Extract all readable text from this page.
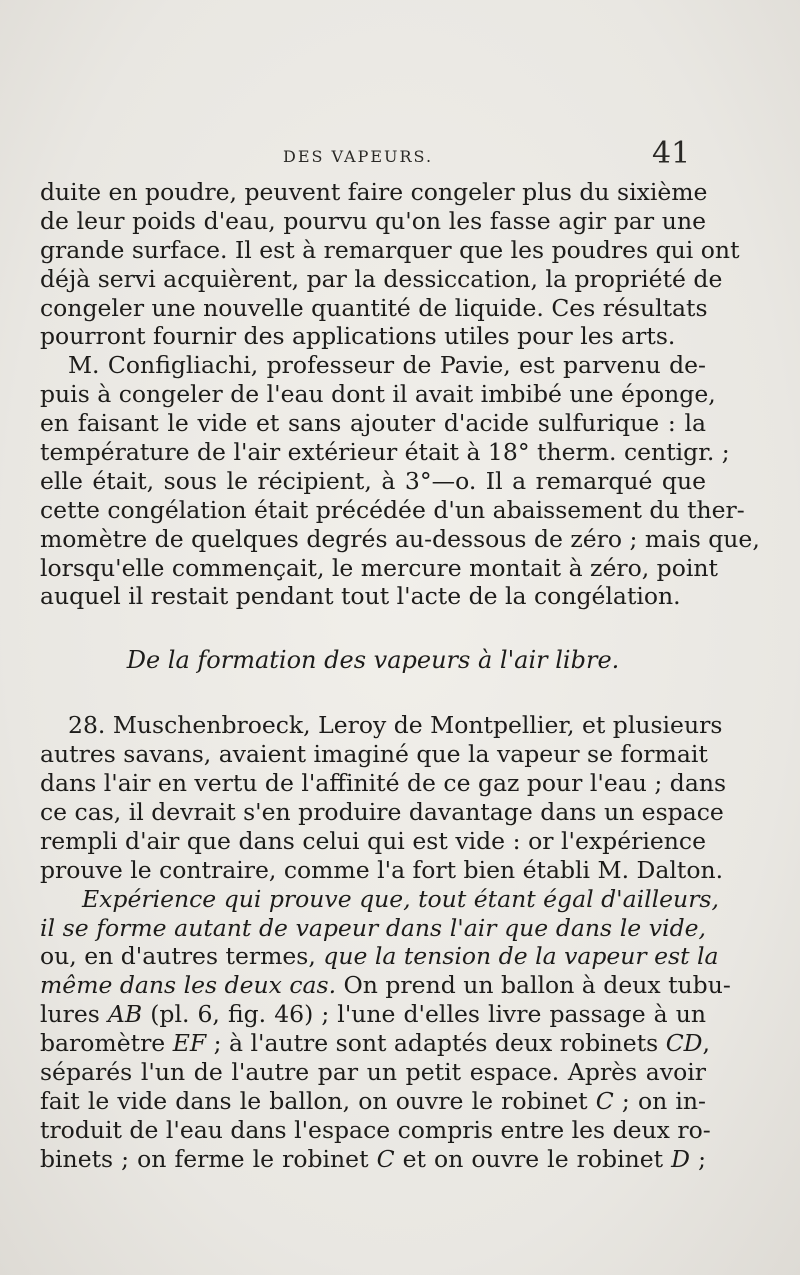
DES VAPEURS.	41
duite en poudre, peuvent faire congeler plus du sixième
de leur poids d'eau, pourvu qu'on les fasse agir par une
grande surface. Il est à remarquer que les poudres qui ont
déjà servi acquièrent, par la dessiccation, la propriété de
congeler une nouvelle quantité de liquide. Ces résultats
pourront fournir des applications utiles pour les arts.
M. Configliachi, professeur de Pavie, est parvenu de-
puis à congeler de l'eau dont il avait imbibé une éponge,
en faisant le vide et sans ajouter d'acide sulfurique : la
température de l'air extérieur était à 18° therm. centigr. ;
elle était, sous le récipient, à 3°—o. Il a remarqué que
cette congélation était précédée d'un abaissement du ther-
momètre de quelques degrés au-dessous de zéro ; mais que,
lorsqu'elle commençait, le mercure montait à zéro, point
auquel il restait pendant tout l'acte de la congélation.
De la formation des vapeurs à l'air libre.
28. Muschenbroeck, Leroy de Montpellier, et plusieurs
autres savans, avaient imaginé que la vapeur se formait
dans l'air en vertu de l'affinité de ce gaz pour l'eau ; dans
ce cas, il devrait s'en produire davantage dans un espace
rempli d'air que dans celui qui est vide : or l'expérience
prouve le contraire, comme l'a fort bien établi M. Dalton.
Expérience qui prouve que, tout étant égal d'ailleurs,
il se forme autant de vapeur dans l'air que dans le vide,
ou, en d'autres termes, que la tension de la vapeur est la
même dans les deux cas. On prend un ballon à deux tubu-
lures AB (pl. 6, fig. 46) ; l'une d'elles livre passage à un
baromètre EF ; à l'autre sont adaptés deux robinets CD,
séparés l'un de l'autre par un petit espace. Après avoir
fait le vide dans le ballon, on ouvre le robinet C ; on in-
troduit de l'eau dans l'espace compris entre les deux ro-
binets ; on ferme le robinet C et on ouvre le robinet D ;
